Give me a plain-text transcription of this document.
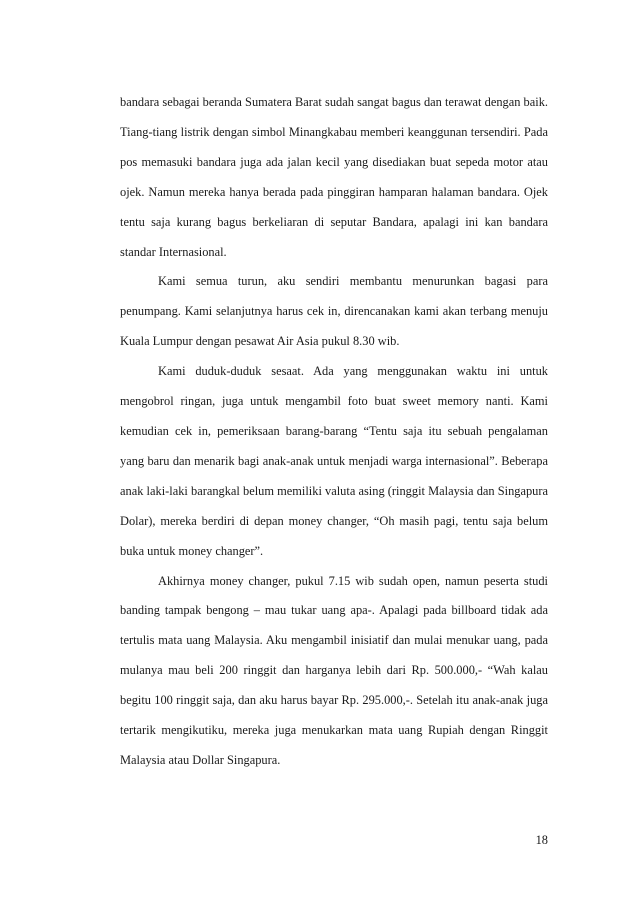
bandara sebagai beranda Sumatera Barat sudah sangat bagus dan terawat dengan baik. Tiang-tiang listrik dengan simbol Minangkabau memberi keanggunan tersendiri. Pada pos memasuki bandara juga ada jalan kecil yang disediakan buat sepeda motor atau ojek. Namun mereka hanya berada pada pinggiran hamparan halaman bandara. Ojek tentu saja kurang bagus berkeliaran di seputar Bandara, apalagi ini kan bandara standar Internasional.

Kami semua turun, aku sendiri membantu menurunkan bagasi para penumpang. Kami selanjutnya harus cek in, direncanakan kami akan terbang menuju Kuala Lumpur dengan pesawat Air Asia pukul 8.30 wib.

Kami duduk-duduk sesaat. Ada yang menggunakan waktu ini untuk mengobrol ringan, juga untuk mengambil foto buat sweet memory nanti. Kami kemudian cek in, pemeriksaan barang-barang “Tentu saja itu sebuah pengalaman yang baru dan menarik bagi anak-anak untuk menjadi warga internasional”. Beberapa anak laki-laki barangkal belum memiliki valuta asing (ringgit Malaysia dan Singapura Dolar), mereka berdiri di depan money changer, “Oh masih pagi, tentu saja belum buka untuk money changer”.

Akhirnya money changer, pukul 7.15 wib sudah open, namun peserta studi banding tampak bengong – mau tukar uang apa-. Apalagi pada billboard tidak ada tertulis mata uang Malaysia. Aku mengambil inisiatif dan mulai menukar uang, pada mulanya mau beli 200 ringgit dan harganya lebih dari Rp. 500.000,- “Wah kalau begitu 100 ringgit saja, dan aku harus bayar Rp. 295.000,-. Setelah itu anak-anak juga tertarik mengikutiku, mereka juga menukarkan mata uang Rupiah dengan Ringgit Malaysia atau Dollar Singapura.

18
